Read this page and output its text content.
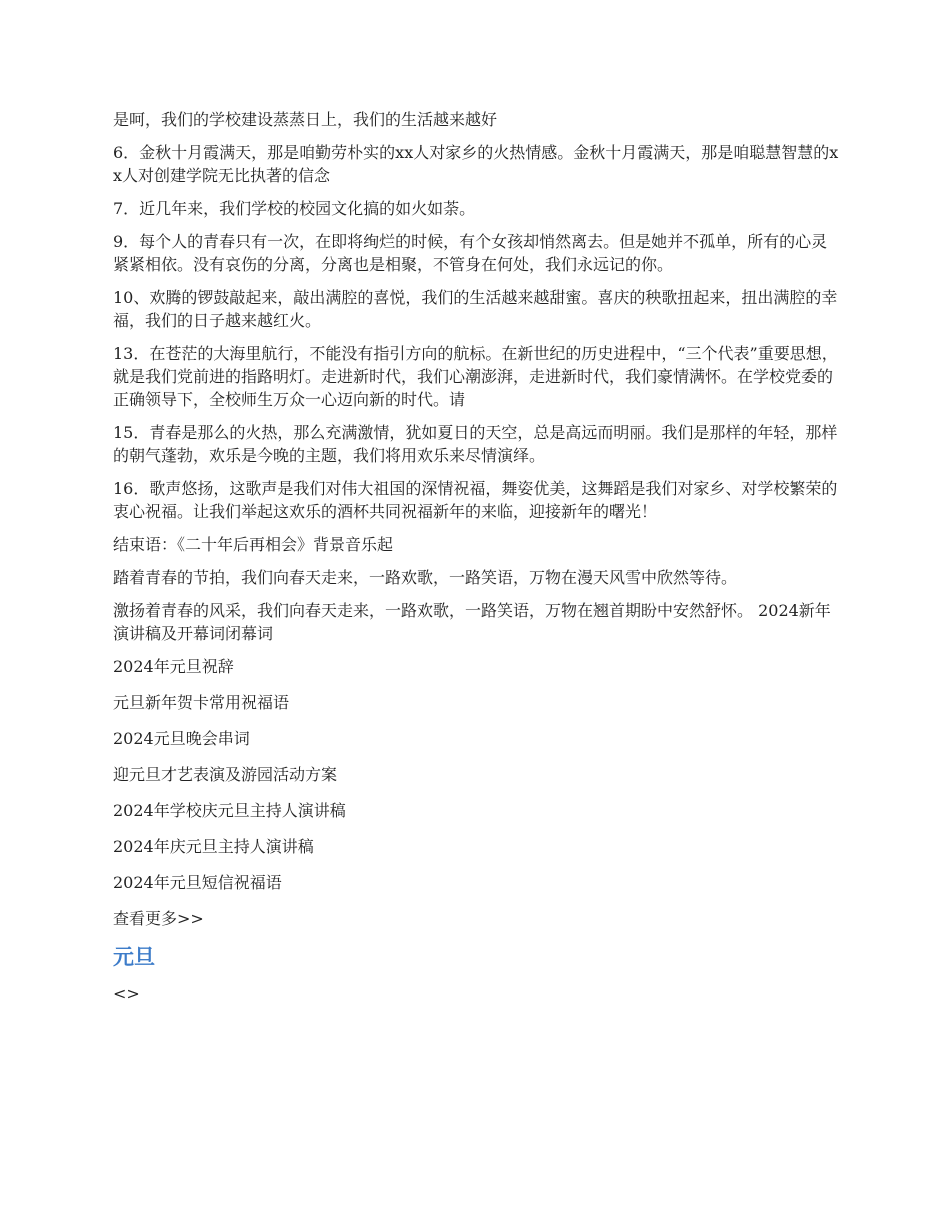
是呵，我们的学校建设蒸蒸日上，我们的生活越来越好

6．金秋十月霞满天，那是咱勤劳朴实的xx人对家乡的火热情感。金秋十月霞满天，那是咱聪慧智慧的xx人对创建学院无比执著的信念

7．近几年来，我们学校的校园文化搞的如火如荼。

9．每个人的青春只有一次，在即将绚烂的时候，有个女孩却悄然离去。但是她并不孤单，所有的心灵紧紧相依。没有哀伤的分离，分离也是相聚，不管身在何处，我们永远记的你。

10、欢腾的锣鼓敲起来，敲出满腔的喜悦，我们的生活越来越甜蜜。喜庆的秧歌扭起来，扭出满腔的幸福，我们的日子越来越红火。

13．在苍茫的大海里航行，不能没有指引方向的航标。在新世纪的历史进程中，“三个代表”重要思想，就是我们党前进的指路明灯。走进新时代，我们心潮澎湃，走进新时代，我们豪情满怀。在学校党委的正确领导下，全校师生万众一心迈向新的时代。请

15．青春是那么的火热，那么充满激情，犹如夏日的天空，总是高远而明丽。我们是那样的年轻，那样的朝气蓬勃，欢乐是今晚的主题，我们将用欢乐来尽情演绎。

16．歌声悠扬，这歌声是我们对伟大祖国的深情祝福，舞姿优美，这舞蹈是我们对家乡、对学校繁荣的衷心祝福。让我们举起这欢乐的酒杯共同祝福新年的来临，迎接新年的曙光！

结束语：《二十年后再相会》背景音乐起

踏着青春的节拍，我们向春天走来，一路欢歌，一路笑语，万物在漫天风雪中欣然等待。

激扬着青春的风采，我们向春天走来，一路欢歌，一路笑语，万物在翘首期盼中安然舒怀。 2024新年演讲稿及开幕词闭幕词

2024年元旦祝辞
元旦新年贺卡常用祝福语
2024元旦晚会串词
迎元旦才艺表演及游园活动方案
2024年学校庆元旦主持人演讲稿
2024年庆元旦主持人演讲稿
2024年元旦短信祝福语
查看更多>>
元旦
<>
